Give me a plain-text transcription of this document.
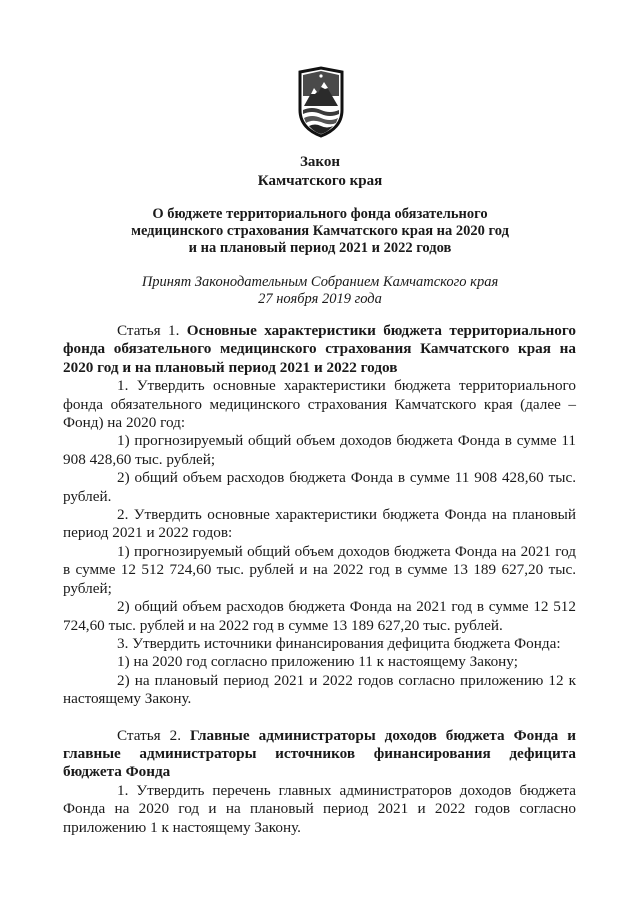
Закон
Камчатского края
О бюджете территориального фонда обязательного
медицинского страхования Камчатского края на 2020 год
и на плановый период 2021 и 2022 годов
Принят Законодательным Собранием Камчатского края
27 ноября 2019 года

Статья 1. Основные характеристики бюджета территориального фонда обязательного медицинского страхования Камчатского края на 2020 год и на плановый период 2021 и 2022 годов

1. Утвердить основные характеристики бюджета территориального фонда обязательного медицинского страхования Камчатского края (далее – Фонд) на 2020 год:

1) прогнозируемый общий объем доходов бюджета Фонда в сумме 11 908 428,60 тыс. рублей;

2) общий объем расходов бюджета Фонда в сумме 11 908 428,60 тыс. рублей.

2. Утвердить основные характеристики бюджета Фонда на плановый период 2021 и 2022 годов:

1) прогнозируемый общий объем доходов бюджета Фонда на 2021 год в сумме 12 512 724,60 тыс. рублей и на 2022 год в сумме 13 189 627,20 тыс. рублей;

2) общий объем расходов бюджета Фонда на 2021 год в сумме 12 512 724,60 тыс. рублей и на 2022 год в сумме 13 189 627,20 тыс. рублей.

3. Утвердить источники финансирования дефицита бюджета Фонда:

1) на 2020 год согласно приложению 11 к настоящему Закону;

2) на плановый период 2021 и 2022 годов согласно приложению 12 к настоящему Закону.

Статья 2. Главные администраторы доходов бюджета Фонда и главные администраторы источников финансирования дефицита бюджета Фонда

1. Утвердить перечень главных администраторов доходов бюджета Фонда на 2020 год и на плановый период 2021 и 2022 годов согласно приложению 1 к настоящему Закону.
